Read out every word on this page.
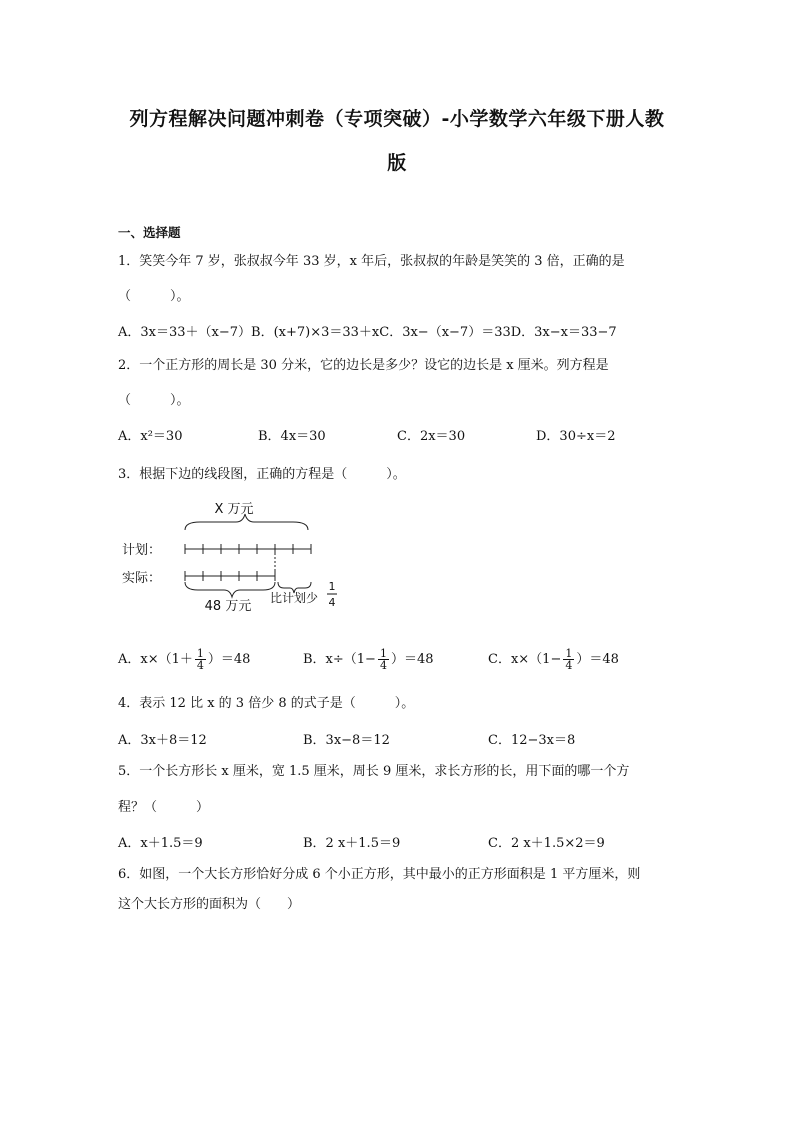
列方程解决问题冲刺卷（专项突破）-小学数学六年级下册人教
版
一、选择题
1．笑笑今年 7 岁，张叔叔今年 33 岁，x 年后，张叔叔的年龄是笑笑的 3 倍，正确的是
（　　　）。
A．3x＝33＋（x−7）B．(x+7)×3＝33＋xC．3x−（x−7）＝33D．3x−x＝33−7
2．一个正方形的周长是 30 分米，它的边长是多少？设它的边长是 x 厘米。列方程是
（　　　）。
A．x²＝30	B．4x＝30	C．2x＝30	D．30÷x＝2
3．根据下边的线段图，正确的方程是（　　　）。
X 万元
计划：
实际：
48 万元
比计划少
1
4
A．$x\times(1+ \frac{1}{4} )=48$	B．$x\div(1- \frac{1}{4} )=48$	C．$x\times(1- \frac{1}{4} )=48$
4．表示 12 比 x 的 3 倍少 8 的式子是（　　　）。
A．3x＋8＝12	B．3x−8＝12	C．12−3x＝8
5．一个长方形长 x 厘米，宽 1.5 厘米，周长 9 厘米，求长方形的长，用下面的哪一个方
程？（　　　）
A．x＋1.5＝9	B．2 x＋1.5＝9	C．2 x＋1.5×2＝9
6．如图，一个大长方形恰好分成 6 个小正方形，其中最小的正方形面积是 1 平方厘米，则
这个大长方形的面积为（　　）
